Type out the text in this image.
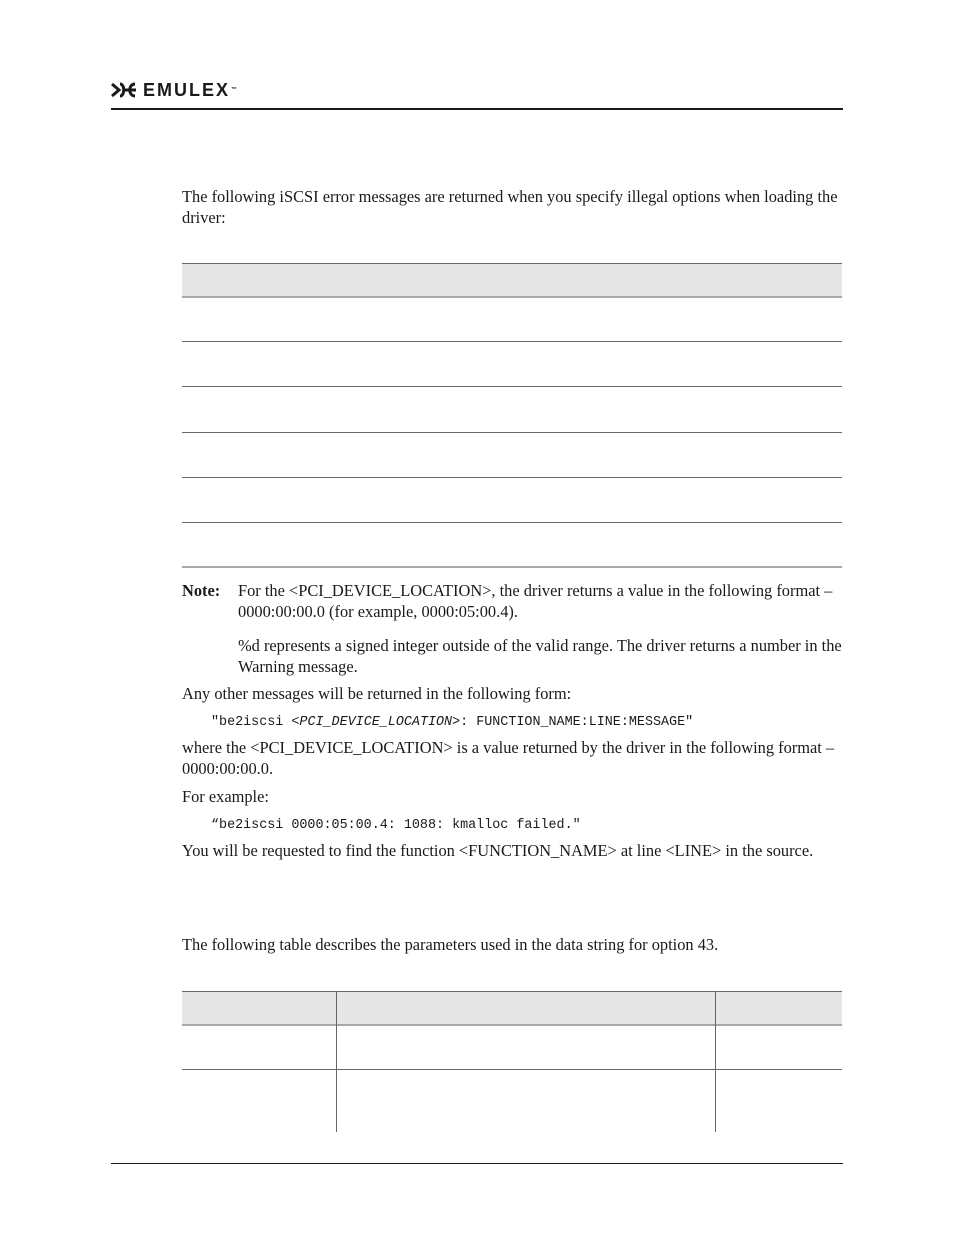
EMULEX™

The following iSCSI error messages are returned when you specify illegal options when loading the driver:

Note: For the <PCI_DEVICE_LOCATION>, the driver returns a value in the following format – 0000:00:00.0 (for example, 0000:05:00.4).

%d represents a signed integer outside of the valid range. The driver returns a number in the Warning message.

Any other messages will be returned in the following form:

"be2iscsi <PCI_DEVICE_LOCATION>: FUNCTION_NAME:LINE:MESSAGE"

where the <PCI_DEVICE_LOCATION> is a value returned by the driver in the following format – 0000:00:00.0.

For example:

“be2iscsi 0000:05:00.4: 1088: kmalloc failed."

You will be requested to find the function <FUNCTION_NAME> at line <LINE> in the source.

The following table describes the parameters used in the data string for option 43.
